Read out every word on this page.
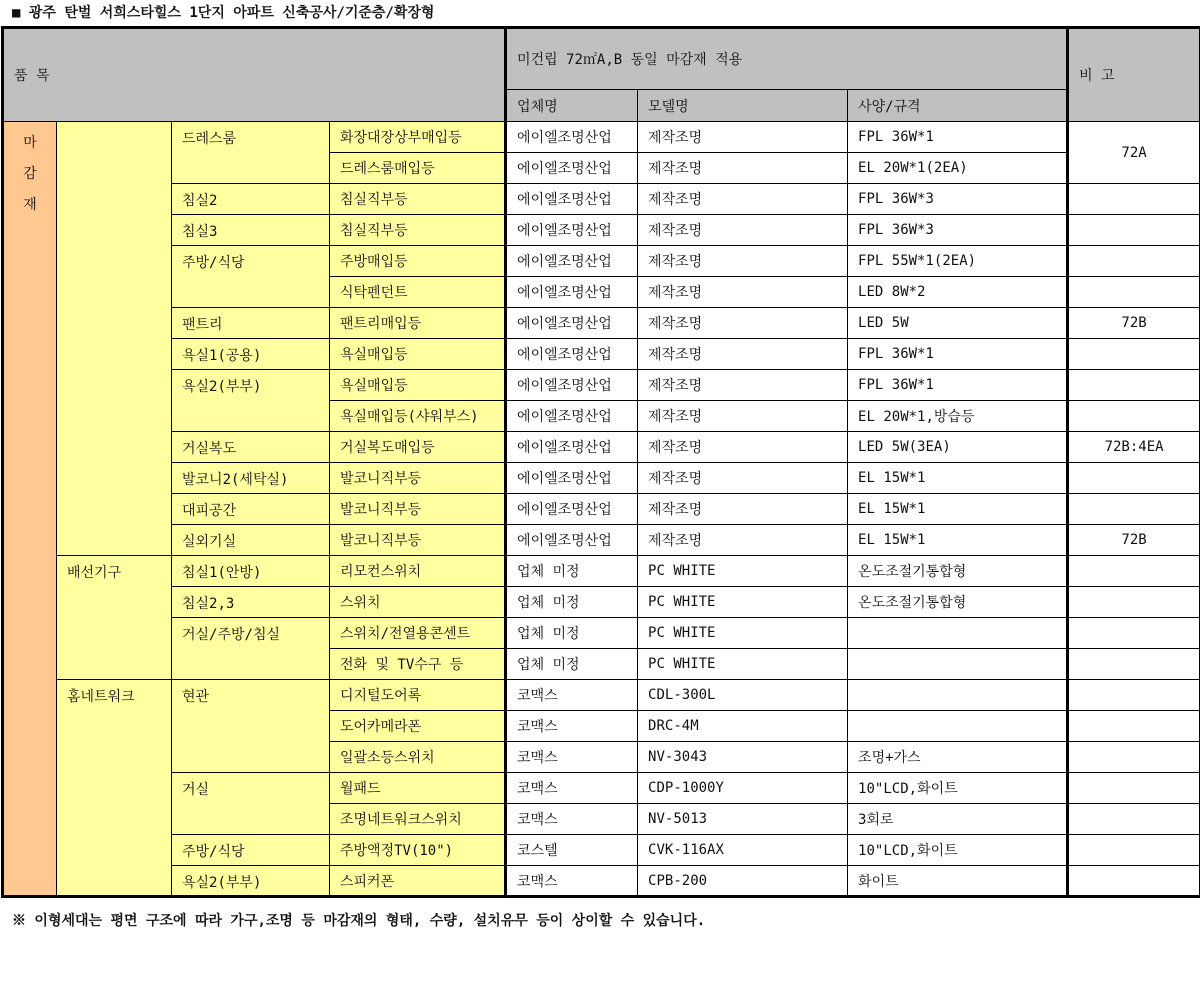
■ 광주 탄벌 서희스타힐스 1단지 아파트 신축공사/기준층/확장형
품 목				미건립 72㎡A,B 동일 마감재 적용			비 고
				업체명	모델명	사양/규격	

마
감
재		드레스룸	화장대장상부매입등	에이엘조명산업	제작조명	FPL 36W*1	72A
			드레스룸매입등	에이엘조명산업	제작조명	EL 20W*1(2EA)	
		침실2	침실직부등	에이엘조명산업	제작조명	FPL 36W*3	
		침실3	침실직부등	에이엘조명산업	제작조명	FPL 36W*3	
		주방/식당	주방매입등	에이엘조명산업	제작조명	FPL 55W*1(2EA)	
			식탁펜던트	에이엘조명산업	제작조명	LED 8W*2	
		팬트리	팬트리매입등	에이엘조명산업	제작조명	LED 5W	72B
		욕실1(공용)	욕실매입등	에이엘조명산업	제작조명	FPL 36W*1	
		욕실2(부부)	욕실매입등	에이엘조명산업	제작조명	FPL 36W*1	
			욕실매입등(샤워부스)	에이엘조명산업	제작조명	EL 20W*1,방습등	
		거실복도	거실복도매입등	에이엘조명산업	제작조명	LED 5W(3EA)	72B:4EA
		발코니2(세탁실)	발코니직부등	에이엘조명산업	제작조명	EL 15W*1	
		대피공간	발코니직부등	에이엘조명산업	제작조명	EL 15W*1	
		실외기실	발코니직부등	에이엘조명산업	제작조명	EL 15W*1	72B
	배선기구	침실1(안방)	리모컨스위치	업체 미정	PC WHITE	온도조절기통합형	
		침실2,3	스위치	업체 미정	PC WHITE	온도조절기통합형	
		거실/주방/침실	스위치/전열용콘센트	업체 미정	PC WHITE		
			전화 및 TV수구 등	업체 미정	PC WHITE		
	홈네트워크	현관	디지털도어록	코맥스	CDL-300L		
			도어카메라폰	코맥스	DRC-4M		
			일괄소등스위치	코맥스	NV-3043	조명+가스	
		거실	월패드	코맥스	CDP-1000Y	10"LCD,화이트	
			조명네트워크스위치	코맥스	NV-5013	3회로	
		주방/식당	주방액정TV(10")	코스텔	CVK-116AX	10"LCD,화이트	
		욕실2(부부)	스피커폰	코맥스	CPB-200	화이트	
※ 이형세대는 평면 구조에 따라 가구,조명 등 마감재의 형태, 수량, 설치유무 등이 상이할 수 있습니다.
